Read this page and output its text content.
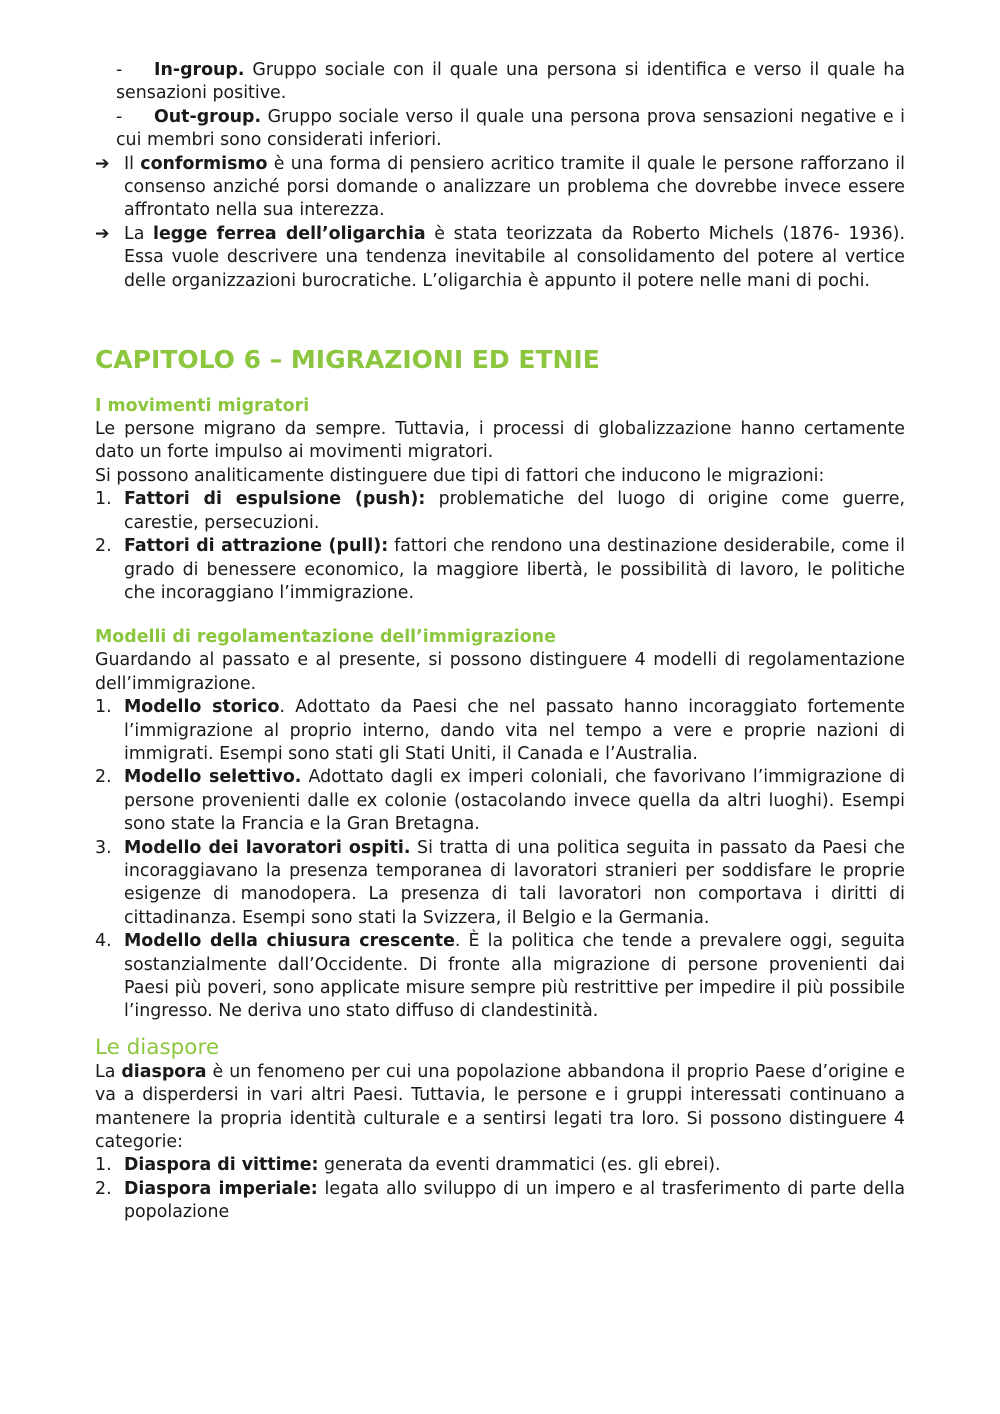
- In-group. Gruppo sociale con il quale una persona si identifica e verso il quale ha sensazioni positive.
- Out-group. Gruppo sociale verso il quale una persona prova sensazioni negative e i cui membri sono considerati inferiori.
➔ Il conformismo è una forma di pensiero acritico tramite il quale le persone rafforzano il consenso anziché porsi domande o analizzare un problema che dovrebbe invece essere affrontato nella sua interezza.
➔ La legge ferrea dell’oligarchia è stata teorizzata da Roberto Michels (1876- 1936). Essa vuole descrivere una tendenza inevitabile al consolidamento del potere al vertice delle organizzazioni burocratiche. L’oligarchia è appunto il potere nelle mani di pochi.
CAPITOLO 6 – MIGRAZIONI ED ETNIE
I movimenti migratori

Le persone migrano da sempre. Tuttavia, i processi di globalizzazione hanno certamente dato un forte impulso ai movimenti migratori.

Si possono analiticamente distinguere due tipi di fattori che inducono le migrazioni:

1. Fattori di espulsione (push): problematiche del luogo di origine come guerre, carestie, persecuzioni.
2. Fattori di attrazione (pull): fattori che rendono una destinazione desiderabile, come il grado di benessere economico, la maggiore libertà, le possibilità di lavoro, le politiche che incoraggiano l’immigrazione.
Modelli di regolamentazione dell’immigrazione

Guardando al passato e al presente, si possono distinguere 4 modelli di regolamentazione dell’immigrazione.

1. Modello storico. Adottato da Paesi che nel passato hanno incoraggiato fortemente l’immigrazione al proprio interno, dando vita nel tempo a vere e proprie nazioni di immigrati. Esempi sono stati gli Stati Uniti, il Canada e l’Australia.
2. Modello selettivo. Adottato dagli ex imperi coloniali, che favorivano l’immigrazione di persone provenienti dalle ex colonie (ostacolando invece quella da altri luoghi). Esempi sono state la Francia e la Gran Bretagna.
3. Modello dei lavoratori ospiti. Si tratta di una politica seguita in passato da Paesi che incoraggiavano la presenza temporanea di lavoratori stranieri per soddisfare le proprie esigenze di manodopera. La presenza di tali lavoratori non comportava i diritti di cittadinanza. Esempi sono stati la Svizzera, il Belgio e la Germania.
4. Modello della chiusura crescente. È la politica che tende a prevalere oggi, seguita sostanzialmente dall’Occidente. Di fronte alla migrazione di persone provenienti dai Paesi più poveri, sono applicate misure sempre più restrittive per impedire il più possibile l’ingresso. Ne deriva uno stato diffuso di clandestinità.
Le diaspore

La diaspora è un fenomeno per cui una popolazione abbandona il proprio Paese d’origine e va a disperdersi in vari altri Paesi. Tuttavia, le persone e i gruppi interessati continuano a mantenere la propria identità culturale e a sentirsi legati tra loro. Si possono distinguere 4 categorie:

1. Diaspora di vittime: generata da eventi drammatici (es. gli ebrei).
2. Diaspora imperiale: legata allo sviluppo di un impero e al trasferimento di parte della popolazione
